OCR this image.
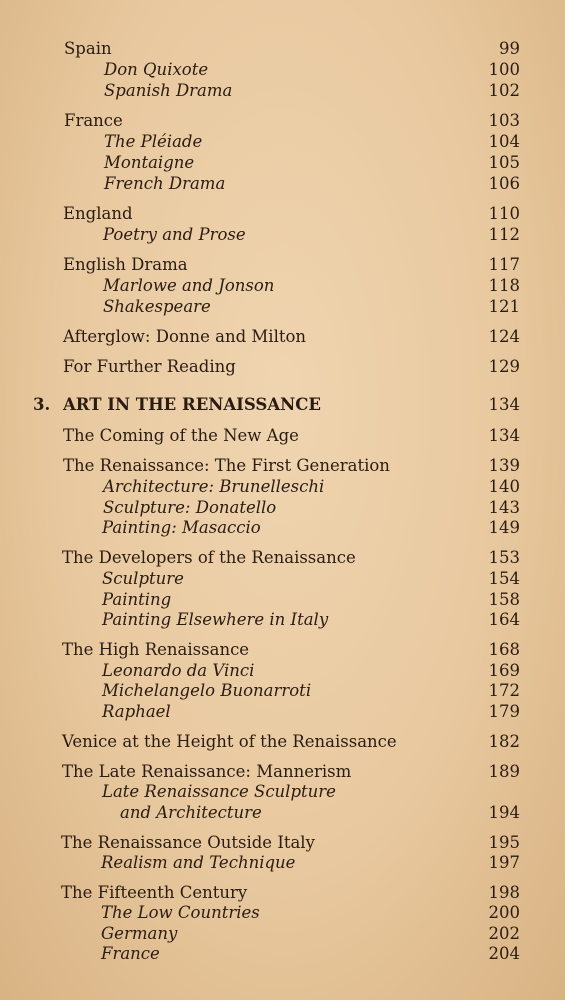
Spain	99
Don Quixote	100
Spanish Drama	102
France	103
The Pléiade	104
Montaigne	105
French Drama	106
England	110
Poetry and Prose	112
English Drama	117
Marlowe and Jonson	118
Shakespeare	121
Afterglow: Donne and Milton	124
For Further Reading	129
3. ART IN THE RENAISSANCE	134
The Coming of the New Age	134
The Renaissance: The First Generation	139
Architecture: Brunelleschi	140
Sculpture: Donatello	143
Painting: Masaccio	149
The Developers of the Renaissance	153
Sculpture	154
Painting	158
Painting Elsewhere in Italy	164
The High Renaissance	168
Leonardo da Vinci	169
Michelangelo Buonarroti	172
Raphael	179
Venice at the Height of the Renaissance	182
The Late Renaissance: Mannerism	189
Late Renaissance Sculpture
and Architecture	194
The Renaissance Outside Italy	195
Realism and Technique	197
The Fifteenth Century	198
The Low Countries	200
Germany	202
France	204
